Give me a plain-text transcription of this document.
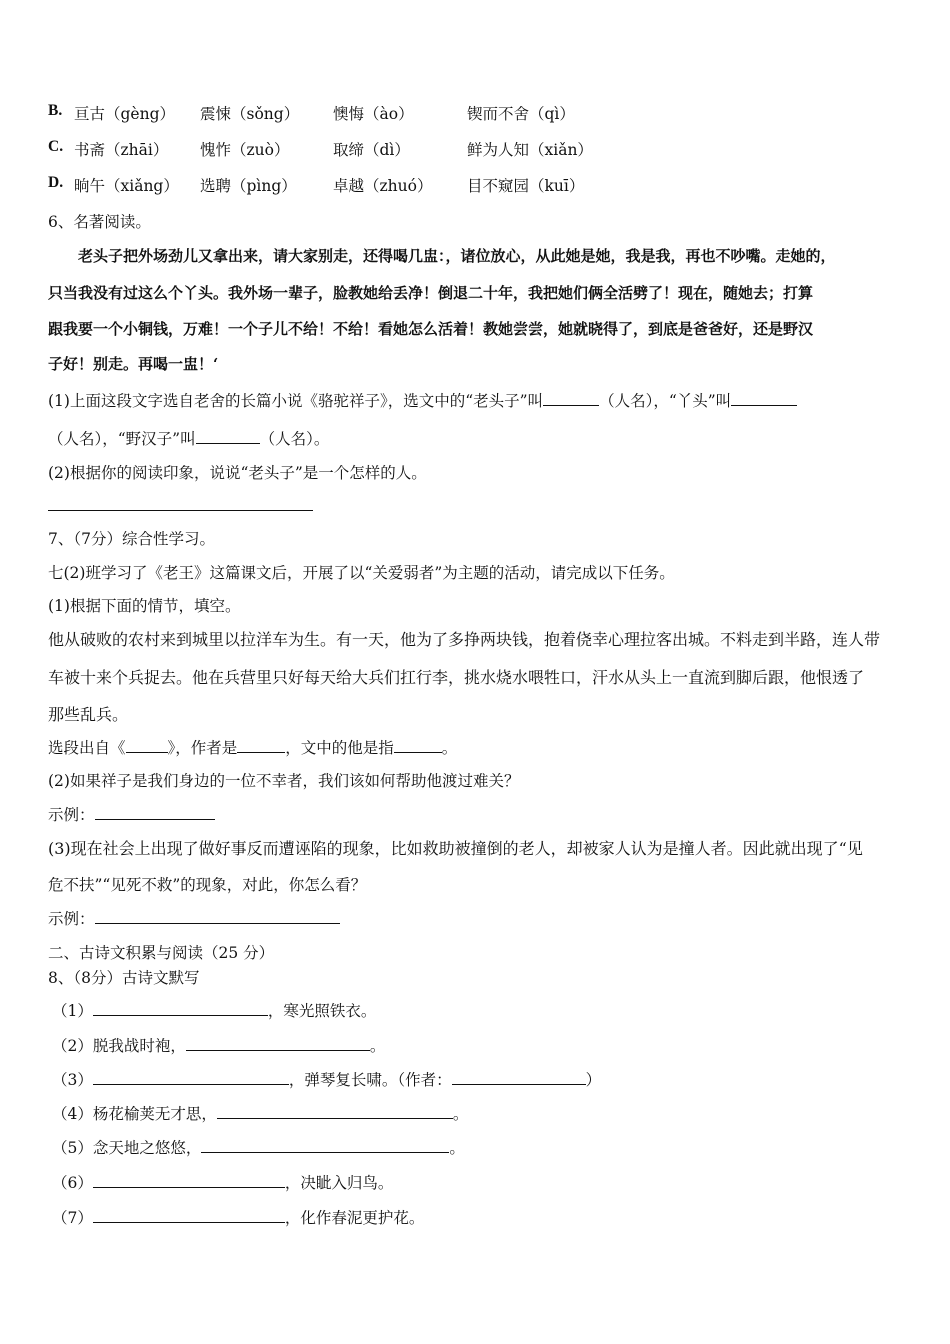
B. 亘古（gèng） 震悚（sǒng） 懊悔（ào）	锲而不舍（qì）
C. 书斋（zhāi） 愧怍（zuò）	取缔（dì）	鲜为人知（xiǎn）
D. 晌午（xiǎng） 选聘（pìng） 卓越（zhuó） 目不窥园（kuī）
6、名著阅读。
老头子把外场劲儿又拿出来，请大家别走，还得喝几盅：，诸位放心，从此她是她，我是我，再也不吵嘴。走她的，
只当我没有过这么个丫头。我外场一辈子，脸教她给丢净！倒退二十年，我把她们俩全活劈了！现在，随她去；打算
跟我要一个小铜钱，万难！一个子儿不给！不给！看她怎么活着！教她尝尝，她就晓得了，到底是爸爸好，还是野汉
子好！别走。再喝一盅！‘
(1)上面这段文字选自老舍的长篇小说《骆驼祥子》，选文中的“老头子”叫	（人名），“丫头”叫
（人名），“野汉子”叫	（人名）。
(2)根据你的阅读印象，说说“老头子”是一个怎样的人。
7、（7分）综合性学习。
七(2)班学习了《老王》这篇课文后，开展了以“关爱弱者”为主题的活动，请完成以下任务。
(1)根据下面的情节，填空。
他从破败的农村来到城里以拉洋车为生。有一天，他为了多挣两块钱，抱着侥幸心理拉客出城。不料走到半路，连人带
车被十来个兵捉去。他在兵营里只好每天给大兵们扛行李，挑水烧水喂牲口，汗水从头上一直流到脚后跟，他恨透了
那些乱兵。
选段出自《	》，作者是	，文中的他是指	。
(2)如果祥子是我们身边的一位不幸者，我们该如何帮助他渡过难关？
示例：
(3)现在社会上出现了做好事反而遭诬陷的现象，比如救助被撞倒的老人，却被家人认为是撞人者。因此就出现了“见
危不扶”“见死不救”的现象，对此，你怎么看？
示例：
二、古诗文积累与阅读（25 分）
8、（8分）古诗文默写
（1）	，寒光照铁衣。
（2）脱我战时袍，	。
（3）	，弹琴复长啸。（作者：	）
（4）杨花榆荚无才思，	。
（5）念天地之悠悠，	。
（6）	，决眦入归鸟。
（7）	，化作春泥更护花。
